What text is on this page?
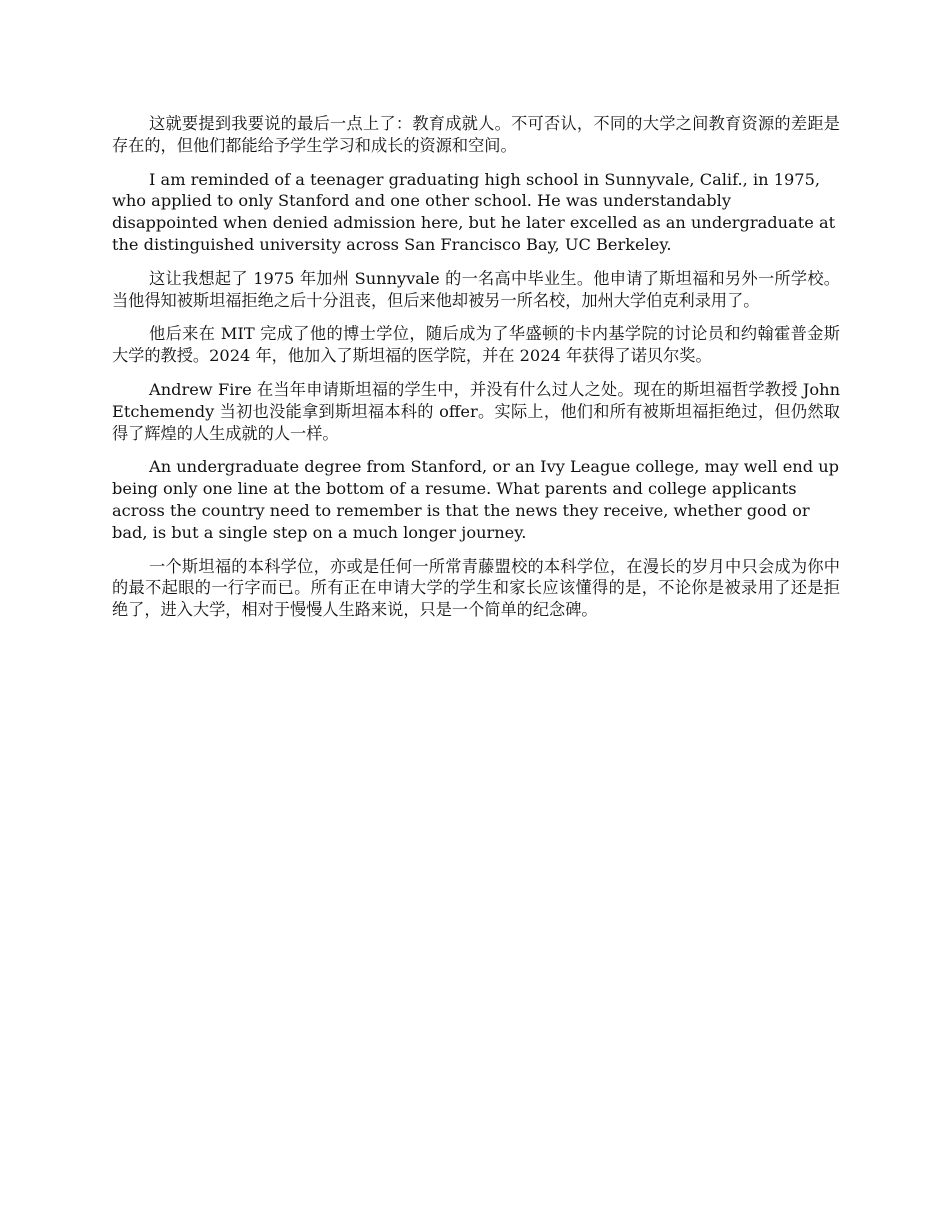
这就要提到我要说的最后一点上了：教育成就人。不可否认，不同的大学之间教育资源的差距是存在的，但他们都能给予学生学习和成长的资源和空间。

I am reminded of a teenager graduating high school in Sunnyvale, Calif., in 1975, who applied to only Stanford and one other school. He was understandably disappointed when denied admission here, but he later excelled as an undergraduate at the distinguished university across San Francisco Bay, UC Berkeley.

这让我想起了 1975 年加州 Sunnyvale 的一名高中毕业生。他申请了斯坦福和另外一所学校。当他得知被斯坦福拒绝之后十分沮丧，但后来他却被另一所名校，加州大学伯克利录用了。

他后来在 MIT 完成了他的博士学位，随后成为了华盛顿的卡内基学院的讨论员和约翰霍普金斯大学的教授。2024 年，他加入了斯坦福的医学院，并在 2024 年获得了诺贝尔奖。

Andrew Fire 在当年申请斯坦福的学生中，并没有什么过人之处。现在的斯坦福哲学教授 John Etchemendy 当初也没能拿到斯坦福本科的 offer。实际上，他们和所有被斯坦福拒绝过，但仍然取得了辉煌的人生成就的人一样。

An undergraduate degree from Stanford, or an Ivy League college, may well end up being only one line at the bottom of a resume. What parents and college applicants across the country need to remember is that the news they receive, whether good or bad, is but a single step on a much longer journey.

一个斯坦福的本科学位，亦或是任何一所常青藤盟校的本科学位，在漫长的岁月中只会成为你中的最不起眼的一行字而已。所有正在申请大学的学生和家长应该懂得的是，不论你是被录用了还是拒绝了，进入大学，相对于慢慢人生路来说，只是一个简单的纪念碑。
